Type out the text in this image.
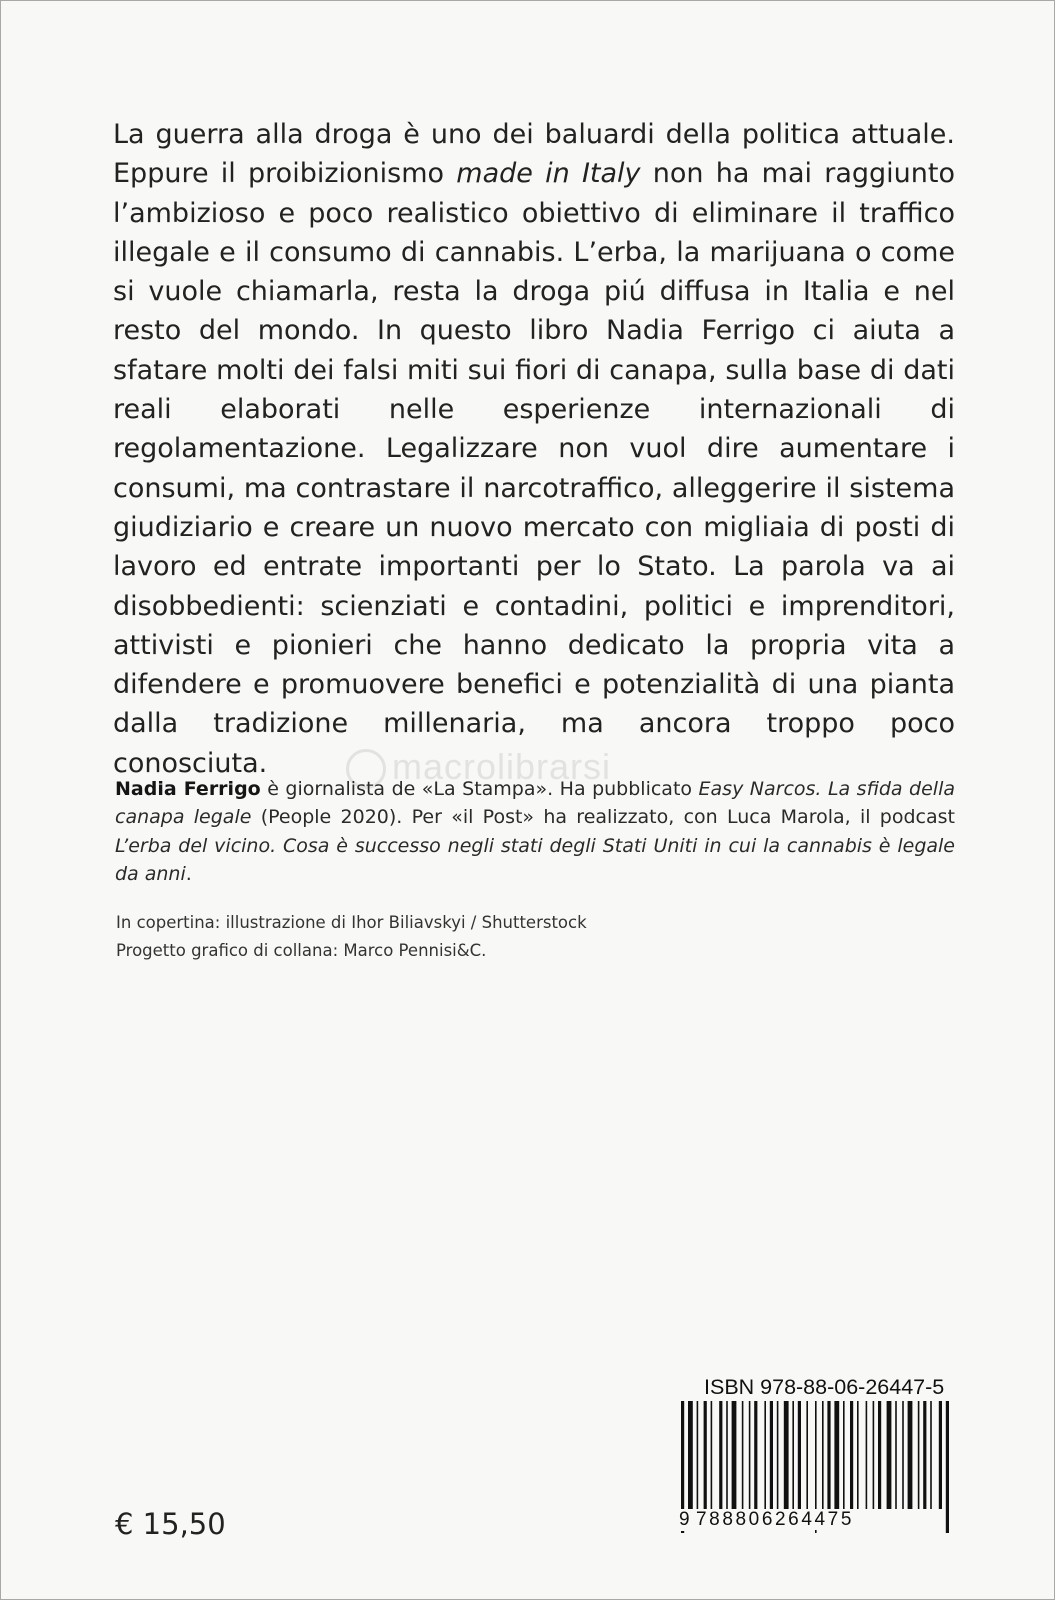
La guerra alla droga è uno dei baluardi della politica attuale. Eppure il proibizionismo made in Italy non ha mai raggiunto l’ambizioso e poco realistico obiettivo di eliminare il traffico illegale e il consumo di cannabis. L’erba, la marijuana o come si vuole chiamarla, resta la droga piú diffusa in Italia e nel resto del mondo. In questo libro Nadia Ferrigo ci aiuta a sfatare molti dei falsi miti sui fiori di canapa, sulla base di dati reali elaborati nelle esperienze internazionali di regolamentazione. Legalizzare non vuol dire aumentare i consumi, ma contrastare il narcotraffico, alleggerire il sistema giudiziario e creare un nuovo mercato con migliaia di posti di lavoro ed entrate importanti per lo Stato. La parola va ai disobbedienti: scienziati e contadini, politici e imprenditori, attivisti e pionieri che hanno dedicato la propria vita a difendere e promuovere benefici e potenzialità di una pianta dalla tradizione millenaria, ma ancora troppo poco conosciuta.	macrolibrarsi
Nadia Ferrigo è giornalista de «La Stampa». Ha pubblicato Easy Narcos. La sfida della canapa legale (People 2020). Per «il Post» ha realizzato, con Luca Marola, il podcast L’erba del vicino. Cosa è successo negli stati degli Stati Uniti in cui la cannabis è legale da anni.
In copertina: illustrazione di Ihor Biliavskyi / Shutterstock
Progetto grafico di collana: Marco Pennisi&C.
€ 15,50
ISBN 978-88-06-26447-5
9 788806264475
